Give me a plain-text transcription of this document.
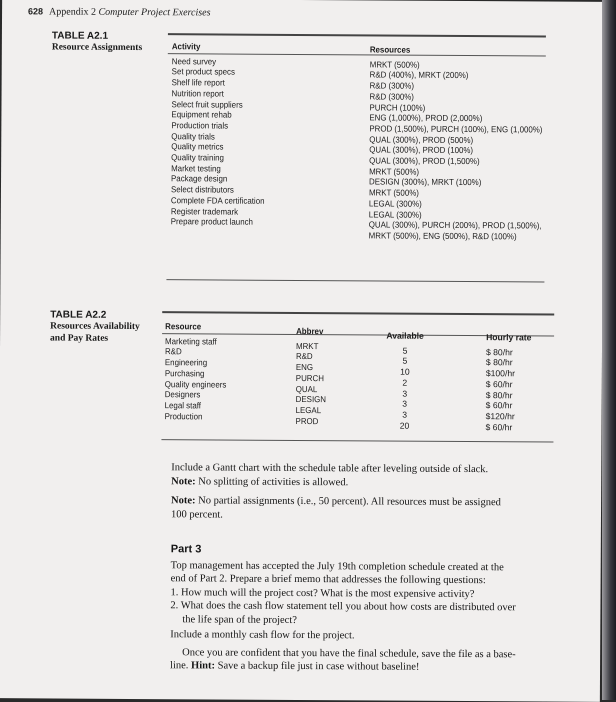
628 Appendix 2 Computer Project Exercises
TABLE A2.1
Resource Assignments	Activity
Need survey
Set product specs
Shelf life report
Nutrition report
Select fruit suppliers
Equipment rehab
Production trials
Quality trials
Quality metrics
Quality training
Market testing
Package design
Select distributors
Complete FDA certification
Register trademark
Prepare product launch
Resources
MRKT (500%)
R&D (400%), MRKT (200%)
R&D (300%)
R&D (300%)
PURCH (100%)
ENG (1,000%), PROD (2,000%)
PROD (1,500%), PURCH (100%), ENG (1,000%)
QUAL (300%), PROD (500%)
QUAL (300%), PROD (100%)
QUAL (300%), PROD (1,500%)
MRKT (500%)
DESIGN (300%), MRKT (100%)
MRKT (500%)
LEGAL (300%)
LEGAL (300%)
QUAL (300%), PURCH (200%), PROD (1,500%),
MRKT (500%), ENG (500%), R&D (100%)
TABLE A2.2
Resources Availability
and Pay Rates
Resource
Marketing staff
R&D
Engineering
Purchasing
Quality engineers
Designers
Legal staff
Production
Abbrev
MRKT
R&D
ENG
PURCH
QUAL
DESIGN
LEGAL
PROD
Available
5
5
10
2
3
3
3
20
Hourly rate
$ 80/hr
$ 80/hr
$100/hr
$ 60/hr
$ 80/hr
$ 60/hr
$120/hr
$ 60/hr
Include a Gantt chart with the schedule table after leveling outside of slack.
Note: No splitting of activities is allowed.
Note: No partial assignments (i.e., 50 percent). All resources must be assigned
100 percent.
Part 3
Top management has accepted the July 19th completion schedule created at the
end of Part 2. Prepare a brief memo that addresses the following questions:
1. How much will the project cost? What is the most expensive activity?
2. What does the cash flow statement tell you about how costs are distributed over
the life span of the project?
Include a monthly cash flow for the project.
Once you are confident that you have the final schedule, save the file as a base-
line. Hint: Save a backup file just in case without baseline!
